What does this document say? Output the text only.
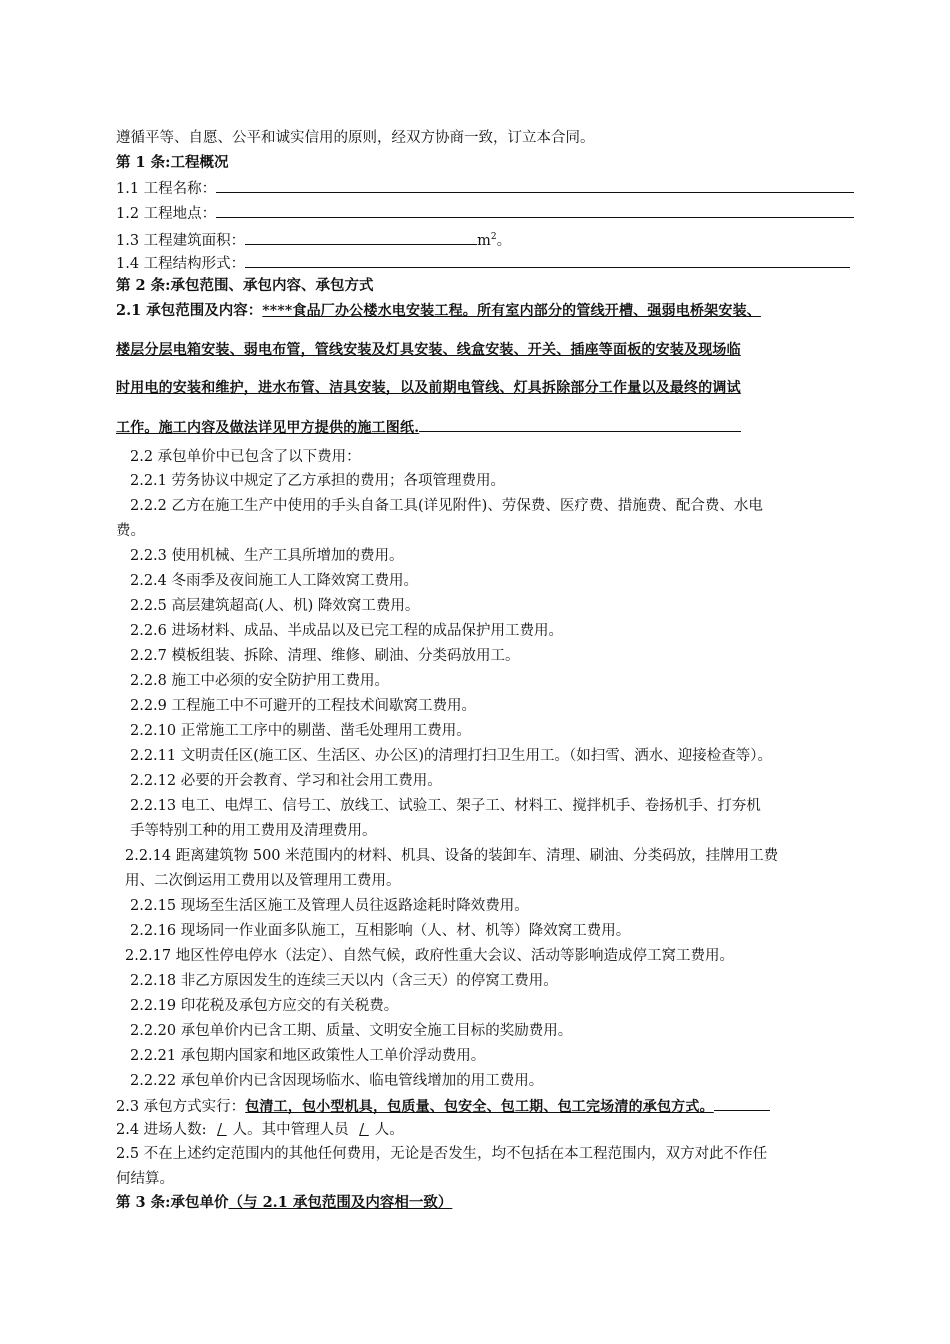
遵循平等、自愿、公平和诚实信用的原则，经双方协商一致，订立本合同。
第 1 条:工程概况
1.1 工程名称：
1.2 工程地点：
1.3 工程建筑面积：	$m^2$。
1.4 工程结构形式：
第 2 条:承包范围、承包内容、承包方式
2.1 承包范围及内容：****食品厂办公楼水电安装工程。所有室内部分的管线开槽、强弱电桥架安装、
楼层分层电箱安装、弱电布管，管线安装及灯具安装、线盒安装、开关、插座等面板的安装及现场临
时用电的安装和维护，进水布管、洁具安装，以及前期电管线、灯具拆除部分工作量以及最终的调试
工作。施工内容及做法详见甲方提供的施工图纸.
2.2 承包单价中已包含了以下费用：
2.2.1 劳务协议中规定了乙方承担的费用；各项管理费用。
2.2.2 乙方在施工生产中使用的手头自备工具(详见附件)、劳保费、医疗费、措施费、配合费、水电
费。
2.2.3 使用机械、生产工具所增加的费用。
2.2.4 冬雨季及夜间施工人工降效窝工费用。
2.2.5 高层建筑超高(人、机) 降效窝工费用。
2.2.6 进场材料、成品、半成品以及已完工程的成品保护用工费用。
2.2.7 模板组装、拆除、清理、维修、刷油、分类码放用工。
2.2.8 施工中必须的安全防护用工费用。
2.2.9 工程施工中不可避开的工程技术间歇窝工费用。
2.2.10 正常施工工序中的剔凿、凿毛处理用工费用。
2.2.11 文明责任区(施工区、生活区、办公区)的清理打扫卫生用工。（如扫雪、洒水、迎接检查等）。
2.2.12 必要的开会教育、学习和社会用工费用。
2.2.13 电工、电焊工、信号工、放线工、试验工、架子工、材料工、搅拌机手、卷扬机手、打夯机
手等特别工种的用工费用及清理费用。
2.2.14 距离建筑物 500 米范围内的材料、机具、设备的装卸车、清理、刷油、分类码放，挂牌用工费
用、二次倒运用工费用以及管理用工费用。
2.2.15 现场至生活区施工及管理人员往返路途耗时降效费用。
2.2.16 现场同一作业面多队施工，互相影响（人、材、机等）降效窝工费用。
2.2.17 地区性停电停水（法定）、自然气候，政府性重大会议、活动等影响造成停工窝工费用。
2.2.18 非乙方原因发生的连续三天以内（含三天）的停窝工费用。
2.2.19 印花税及承包方应交的有关税费。
2.2.20 承包单价内已含工期、质量、文明安全施工目标的奖励费用。
2.2.21 承包期内国家和地区政策性人工单价浮动费用。
2.2.22 承包单价内已含因现场临水、临电管线增加的用工费用。
2.3 承包方式实行：包清工，包小型机具，包质量、包安全、包工期、包工完场清的承包方式。
2.4 进场人数: / 人。其中管理人员 / 人。
2.5 不在上述约定范围内的其他任何费用，无论是否发生，均不包括在本工程范围内，双方对此不作任
何结算。
第 3 条:承包单价（与 2.1 承包范围及内容相一致）
